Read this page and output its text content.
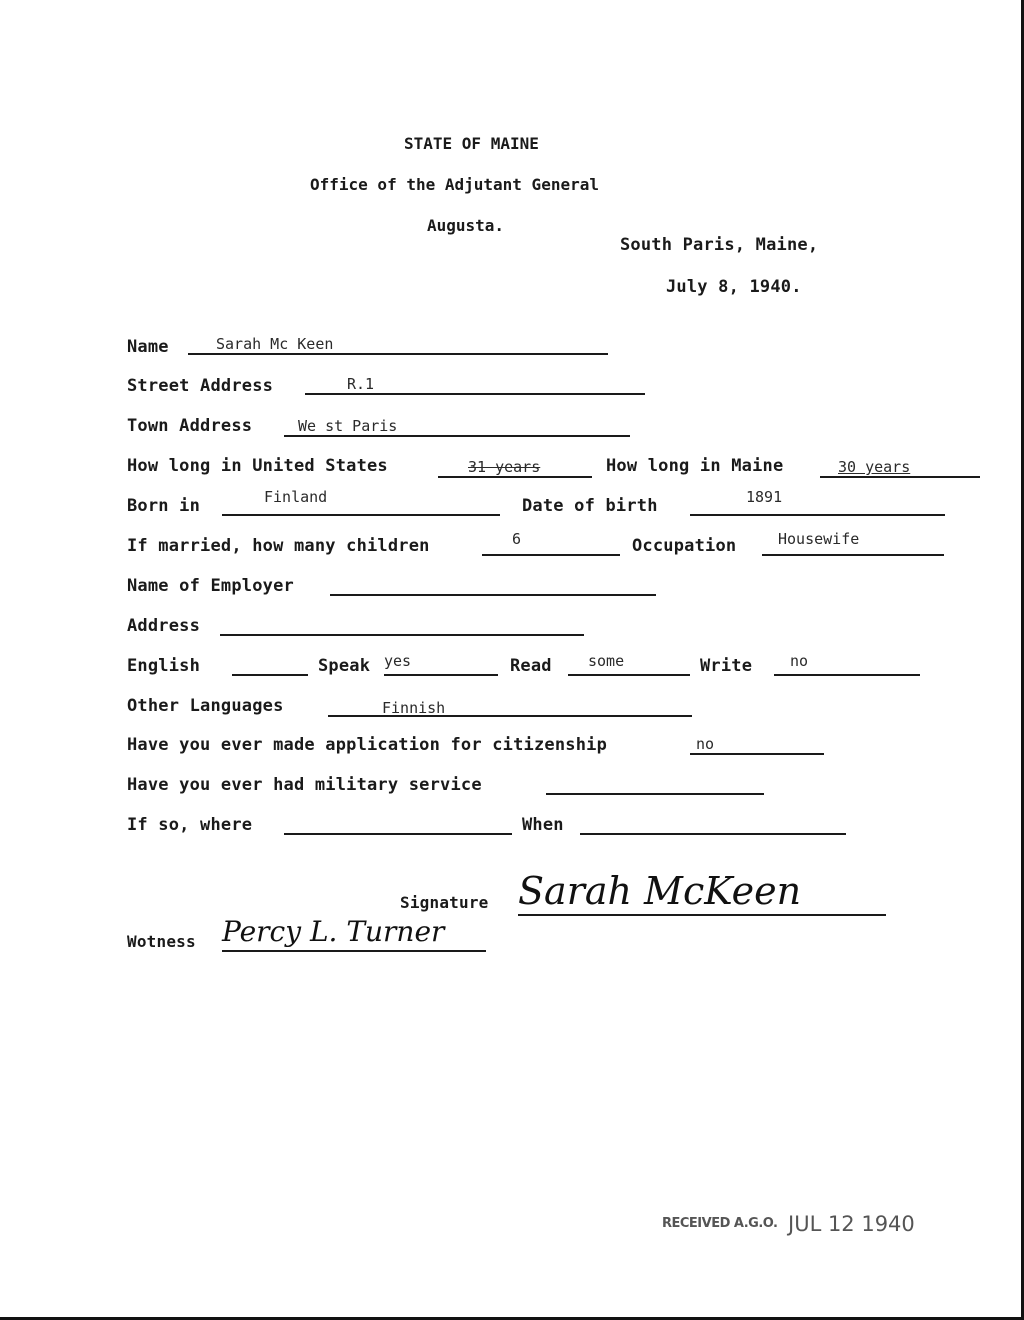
STATE OF MAINE
Office of the Adjutant General
Augusta.
South Paris, Maine,
July 8, 1940.
Name	Sarah Mc Keen
Street Address	R.1
Town Address	We st Paris
How long in United States	31 years	How long in Maine	30 years
Born in	Finland	Date of birth	1891
If married, how many children	6	Occupation	Housewife
Name of Employer
Address
English	Speak yes	Read	some	Write	no
Other Languages	Finnish
Have you ever made application for citizenship	no
Have you ever had military service
If so, where	When
Signature Sarah McKeen
Wotness Percy L. Turner
RECEIVED A.G.O. JUL 12 1940
